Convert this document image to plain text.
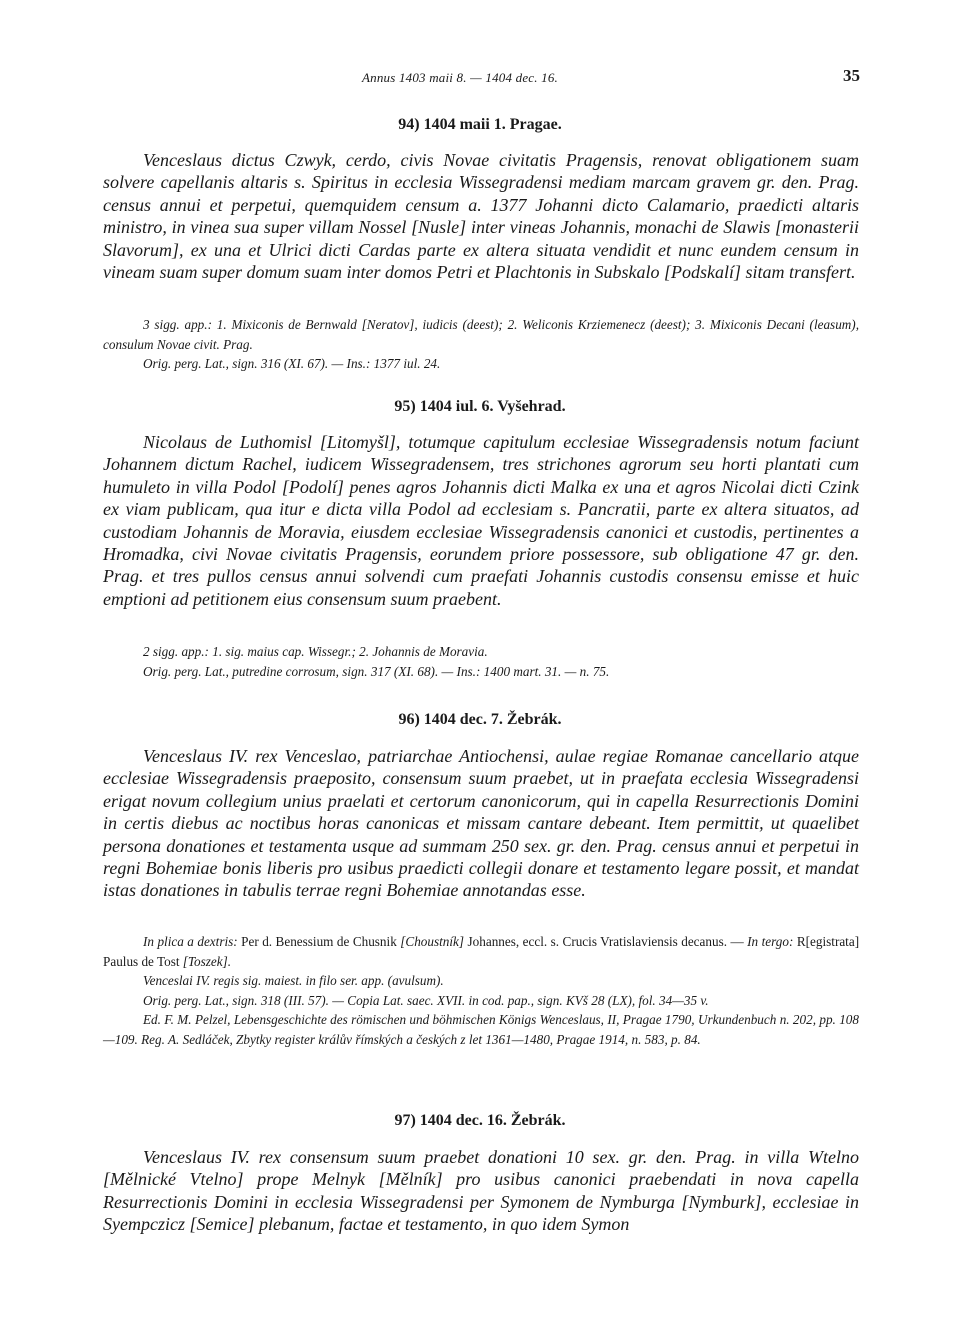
Annus 1403 maii 8. — 1404 dec. 16.	35
94) 1404 maii 1. Pragae.
Venceslaus dictus Czwyk, cerdo, civis Novae civitatis Pragensis, renovat obligationem suam solvere capellanis altaris s. Spiritus in ecclesia Wissegradensi mediam marcam gravem gr. den. Prag. census annui et perpetui, quemquidem censum a. 1377 Johanni dicto Calamario, praedicti altaris ministro, in vinea sua super villam Nossel [Nusle] inter vineas Johannis, monachi de Slawis [monasterii Slavorum], ex una et Ulrici dicti Cardas parte ex altera situata vendidit et nunc eundem censum in vineam suam super domum suam inter domos Petri et Plachtonis in Subskalo [Podskalí] sitam transfert.
3 sigg. app.: 1. Mixiconis de Bernwald [Neratov], iudicis (deest); 2. Weliconis Krziemenecz (deest); 3. Mixiconis Decani (leasum), consulum Novae civit. Prag.
Orig. perg. Lat., sign. 316 (XI. 67). — Ins.: 1377 iul. 24.
95) 1404 iul. 6. Vyšehrad.
Nicolaus de Luthomisl [Litomyšl], totumque capitulum ecclesiae Wissegradensis notum faciunt Johannem dictum Rachel, iudicem Wissegradensem, tres strichones agrorum seu horti plantati cum humuleto in villa Podol [Podolí] penes agros Johannis dicti Malka ex una et agros Nicolai dicti Czink ex viam publicam, qua itur e dicta villa Podol ad ecclesiam s. Pancratii, parte ex altera situatos, ad custodiam Johannis de Moravia, eiusdem ecclesiae Wissegradensis canonici et custodis, pertinentes a Hromadka, civi Novae civitatis Pragensis, eorundem priore possessore, sub obligatione 47 gr. den. Prag. et tres pullos census annui solvendi cum praefati Johannis custodis consensu emisse et huic emptioni ad petitionem eius consensum suum praebent.
2 sigg. app.: 1. sig. maius cap. Wissegr.; 2. Johannis de Moravia.
Orig. perg. Lat., putredine corrosum, sign. 317 (XI. 68). — Ins.: 1400 mart. 31. — n. 75.
96) 1404 dec. 7. Žebrák.
Venceslaus IV. rex Venceslao, patriarchae Antiochensi, aulae regiae Romanae cancellario atque ecclesiae Wissegradensis praeposito, consensum suum praebet, ut in praefata ecclesia Wissegradensi erigat novum collegium unius praelati et certorum canonicorum, qui in capella Resurrectionis Domini in certis diebus ac noctibus horas canonicas et missam cantare debeant. Item permittit, ut quaelibet persona donationes et testamenta usque ad summam 250 sex. gr. den. Prag. census annui et perpetui in regni Bohemiae bonis liberis pro usibus praedicti collegii donare et testamento legare possit, et mandat istas donationes in tabulis terrae regni Bohemiae annotandas esse.
In plica a dextris: Per d. Benessium de Chusnik [Choustník] Johannes, eccl. s. Crucis Vratislaviensis decanus. — In tergo: R[egistrata] Paulus de Tost [Toszek].
Venceslai IV. regis sig. maiest. in filo ser. app. (avulsum).
Orig. perg. Lat., sign. 318 (III. 57). — Copia Lat. saec. XVII. in cod. pap., sign. KVš 28 (LX), fol. 34—35 v.
Ed. F. M. Pelzel, Lebensgeschichte des römischen und böhmischen Königs Wenceslaus, II, Pragae 1790, Urkundenbuch n. 202, pp. 108—109. Reg. A. Sedláček, Zbytky register králův římských a českých z let 1361—1480, Pragae 1914, n. 583, p. 84.
97) 1404 dec. 16. Žebrák.
Venceslaus IV. rex consensum suum praebet donationi 10 sex. gr. den. Prag. in villa Wtelno [Mělnické Vtelno] prope Melnyk [Mělník] pro usibus canonici praebendati in nova capella Resurrectionis Domini in ecclesia Wissegradensi per Symonem de Nymburga [Nymburk], ecclesiae in Syempczicz [Semice] plebanum, factae et testamento, in quo idem Symon
